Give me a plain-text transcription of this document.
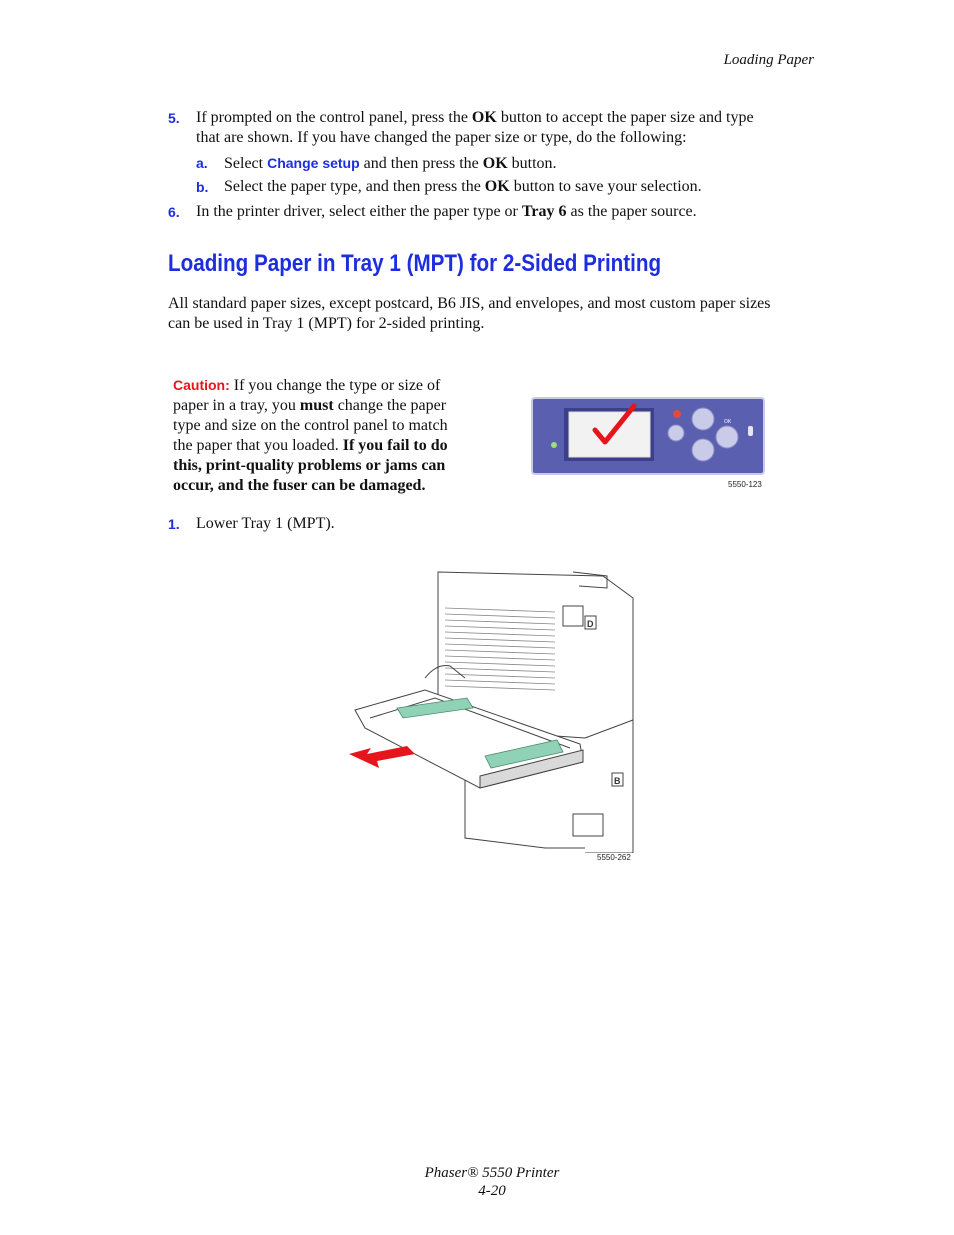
Loading Paper
5. If prompted on the control panel, press the OK button to accept the paper size and type
that are shown. If you have changed the paper size or type, do the following:
a. Select Change setup and then press the OK button.
b. Select the paper type, and then press the OK button to save your selection.
6. In the printer driver, select either the paper type or Tray 6 as the paper source.
Loading Paper in Tray 1 (MPT) for 2-Sided Printing
All standard paper sizes, except postcard, B6 JIS, and envelopes, and most custom paper sizes
can be used in Tray 1 (MPT) for 2-sided printing.
Caution: If you change the type or size of
paper in a tray, you must change the paper
type and size on the control panel to match
the paper that you loaded. If you fail to do
this, print-quality problems or jams can
occur, and the fuser can be damaged.
OK
5550-123
1. Lower Tray 1 (MPT).
D
B
5550-262
Phaser® 5550 Printer
4-20
